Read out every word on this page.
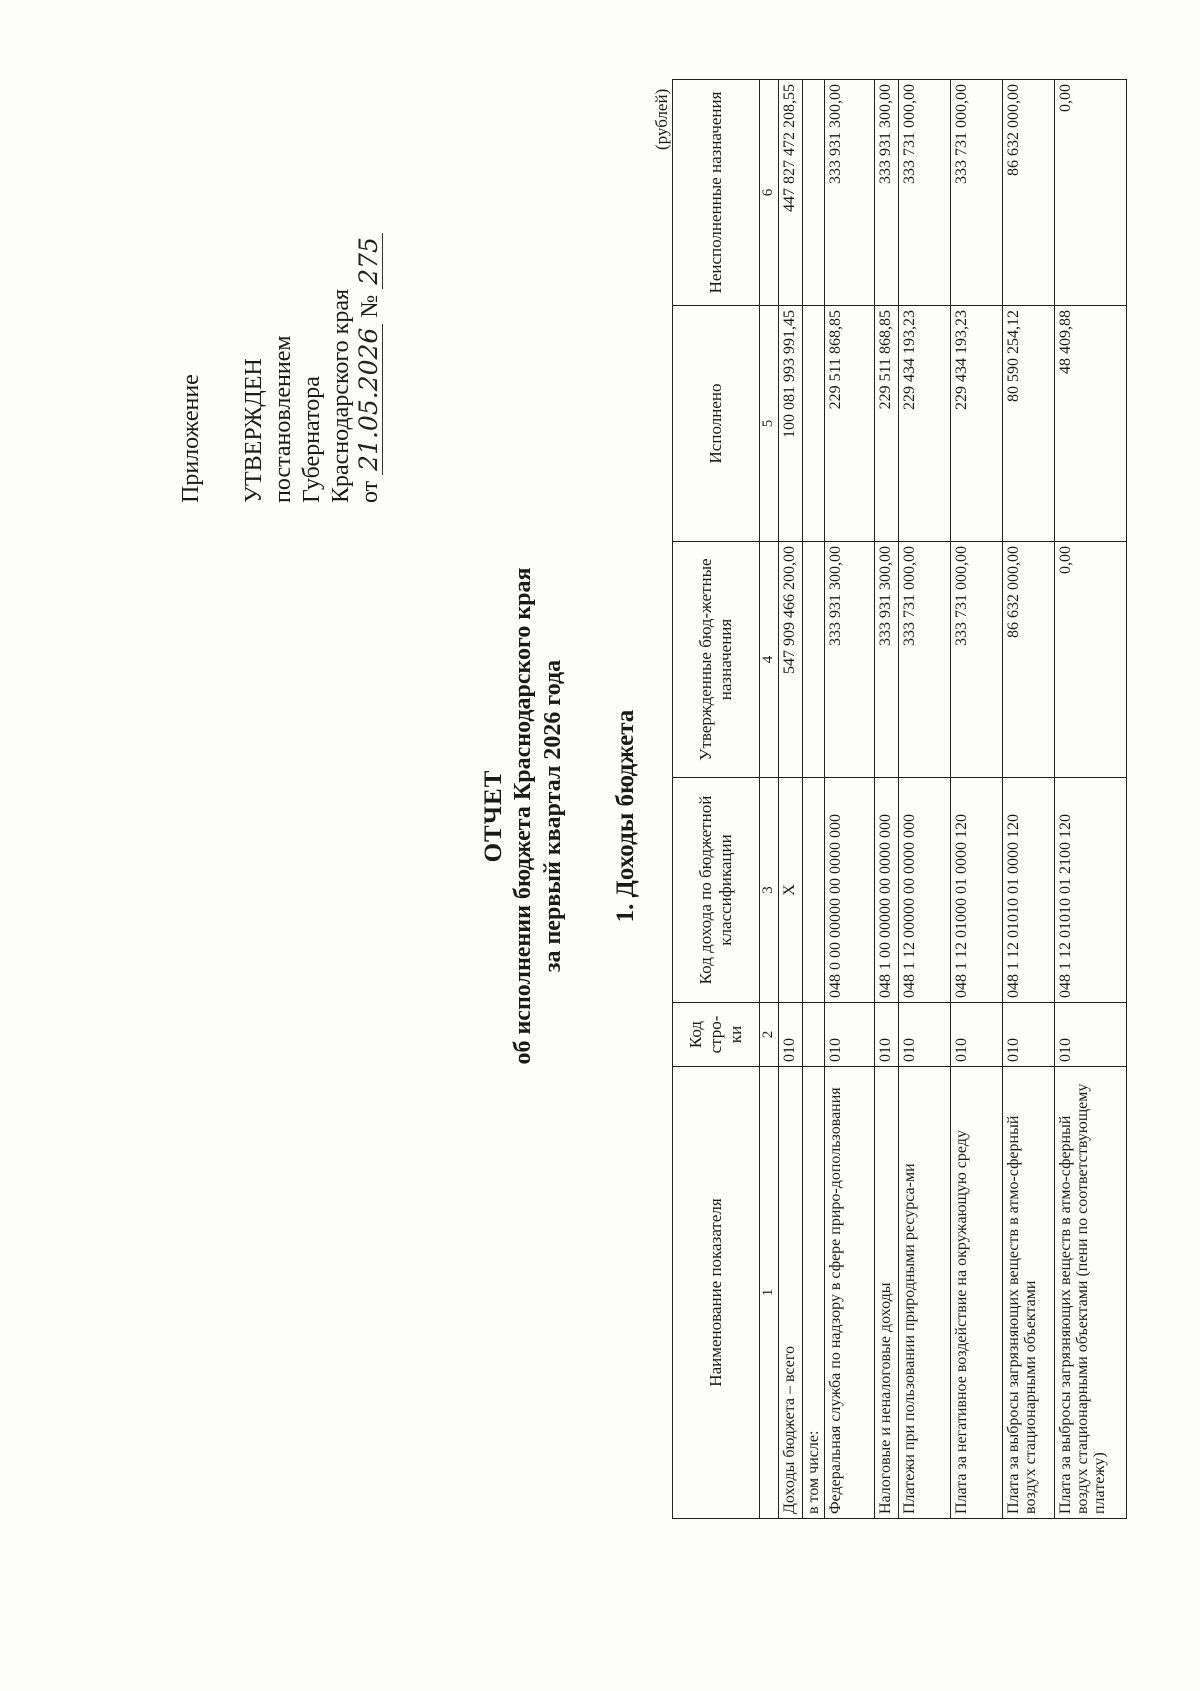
Приложение УТВЕРЖДЕН постановлением Губернатора Краснодарского края от 21.05.2026 № 275
ОТЧЕТ об исполнении бюджета Краснодарского края за первый квартал 2026 года 1. Доходы бюджета
(рублей)
Наименование показателя	Код стро-ки	Код дохода по бюджетной классификации	Утвержденные бюд-жетные назначения	Исполнено	Неисполненные назначения
1	2	3	4	5	6
Доходы бюджета – всего	010	X	547 909 466 200,00	100 081 993 991,45	447 827 472 208,55
в том числе:					
Федеральная служба по надзору в сфере приро-допользования	010	048 0 00 00000 00 0000 000	333 931 300,00	229 511 868,85	333 931 300,00
Налоговые и неналоговые доходы	010	048 1 00 00000 00 0000 000	333 931 300,00	229 511 868,85	333 931 300,00
Платежи при пользовании природными ресурса-ми	010	048 1 12 00000 00 0000 000	333 731 000,00	229 434 193,23	333 731 000,00
Плата за негативное воздействие на окружающую среду	010	048 1 12 01000 01 0000 120	333 731 000,00	229 434 193,23	333 731 000,00
Плата за выбросы загрязняющих веществ в атмо-сферный воздух стационарными объектами	010	048 1 12 01010 01 0000 120	86 632 000,00	80 590 254,12	86 632 000,00
Плата за выбросы загрязняющих веществ в атмо-сферный воздух стационарными объектами (пени по соответствующему платежу)	010	048 1 12 01010 01 2100 120	0,00	48 409,88	0,00
